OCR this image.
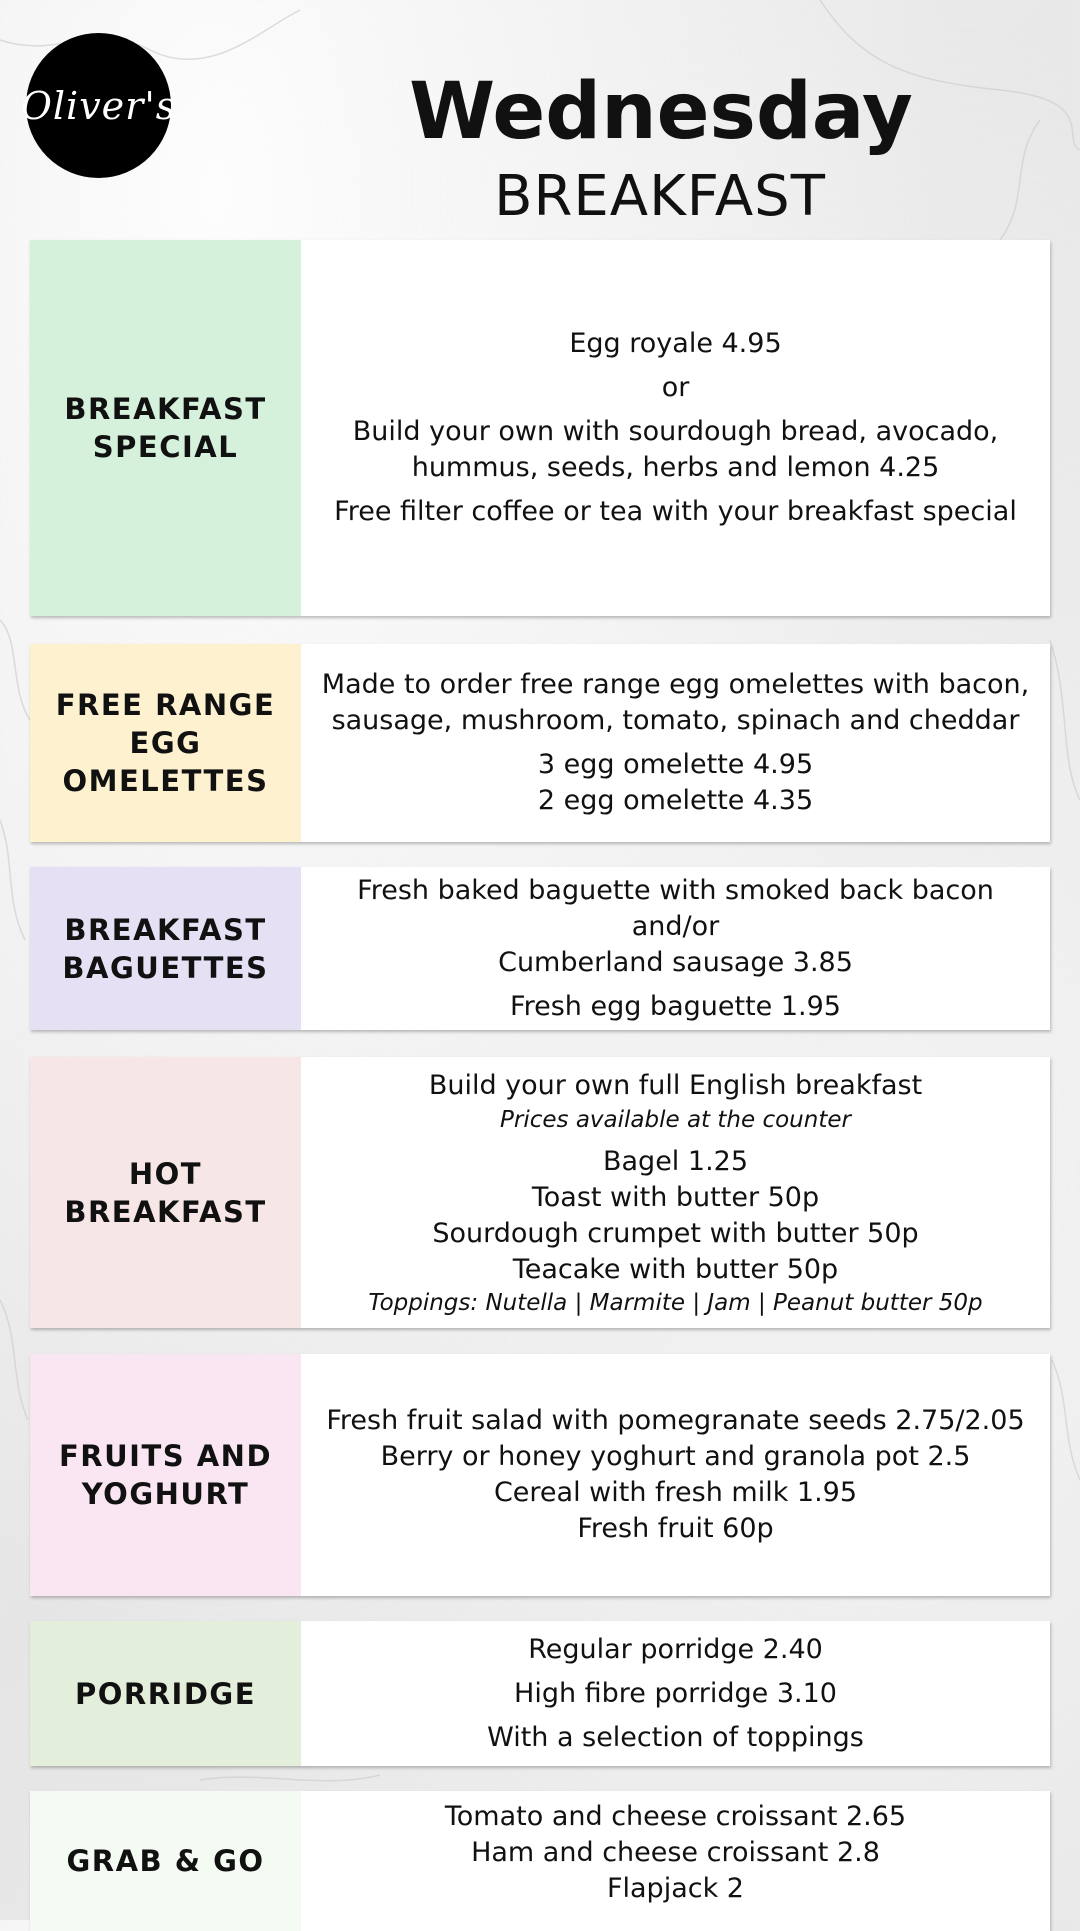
Oliver's	Wednesday
BREAKFAST
BREAKFAST
SPECIAL
Egg royale 4.95
or
Build your own with sourdough bread, avocado,
hummus, seeds, herbs and lemon 4.25
Free filter coffee or tea with your breakfast special
FREE RANGE
EGG
OMELETTES
Made to order free range egg omelettes with bacon,
sausage, mushroom, tomato, spinach and cheddar
3 egg omelette 4.95
2 egg omelette 4.35
BREAKFAST
BAGUETTES
Fresh baked baguette with smoked back bacon and/or
Cumberland sausage 3.85
Fresh egg baguette 1.95
HOT
BREAKFAST
Build your own full English breakfast
Prices available at the counter
Bagel 1.25
Toast with butter 50p
Sourdough crumpet with butter 50p
Teacake with butter 50p
Toppings: Nutella | Marmite | Jam | Peanut butter 50p
FRUITS AND
YOGHURT
Fresh fruit salad with pomegranate seeds 2.75/2.05
Berry or honey yoghurt and granola pot 2.5
Cereal with fresh milk 1.95
Fresh fruit 60p
PORRIDGE
Regular porridge 2.40
High fibre porridge 3.10
With a selection of toppings
GRAB & GO
Tomato and cheese croissant 2.65
Ham and cheese croissant 2.8
Flapjack 2
